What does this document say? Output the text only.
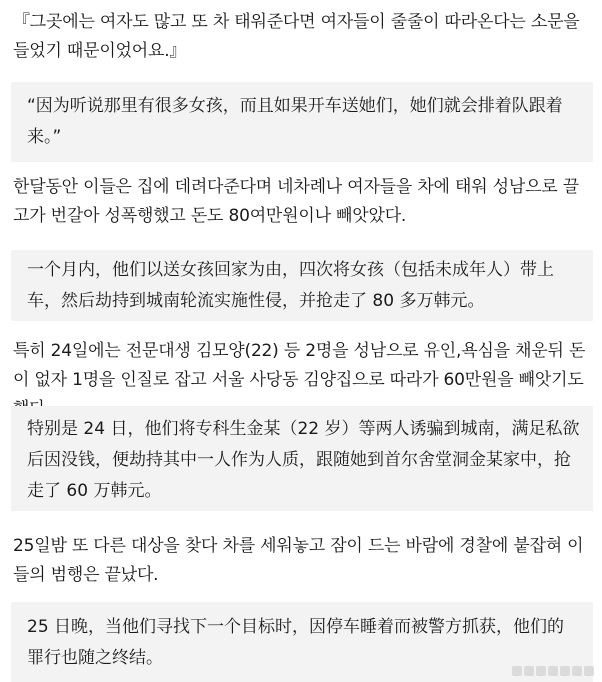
『그곳에는 여자도 많고 또 차 태워준다면 여자들이 줄줄이 따라온다는 소문을 들었기 때문이었어요.』
“因为听说那里有很多女孩，而且如果开车送她们，她们就会排着队跟着来。”
한달동안 이들은 집에 데려다준다며 네차례나 여자들을 차에 태워 성남으로 끌고가 번갈아 성폭행했고 돈도 80여만원이나 빼앗았다.
一个月内，他们以送女孩回家为由，四次将女孩（包括未成年人）带上车，然后劫持到城南轮流实施性侵，并抢走了 80 多万韩元。
특히 24일에는 전문대생 김모양(22) 등 2명을 성남으로 유인,욕심을 채운뒤 돈이 없자 1명을 인질로 잡고 서울 사당동 김양집으로 따라가 60만원을 빼앗기도
特别是 24 日，他们将专科生金某（22 岁）等两人诱骗到城南，满足私欲后因没钱，便劫持其中一人作为人质，跟随她到首尔舍堂洞金某家中，抢走了 60 万韩元。
25일밤 또 다른 대상을 찾다 차를 세워놓고 잠이 드는 바람에 경찰에 붙잡혀 이들의 범행은 끝났다.
25 日晚，当他们寻找下一个目标时，因停车睡着而被警方抓获，他们的罪行也随之终结。
